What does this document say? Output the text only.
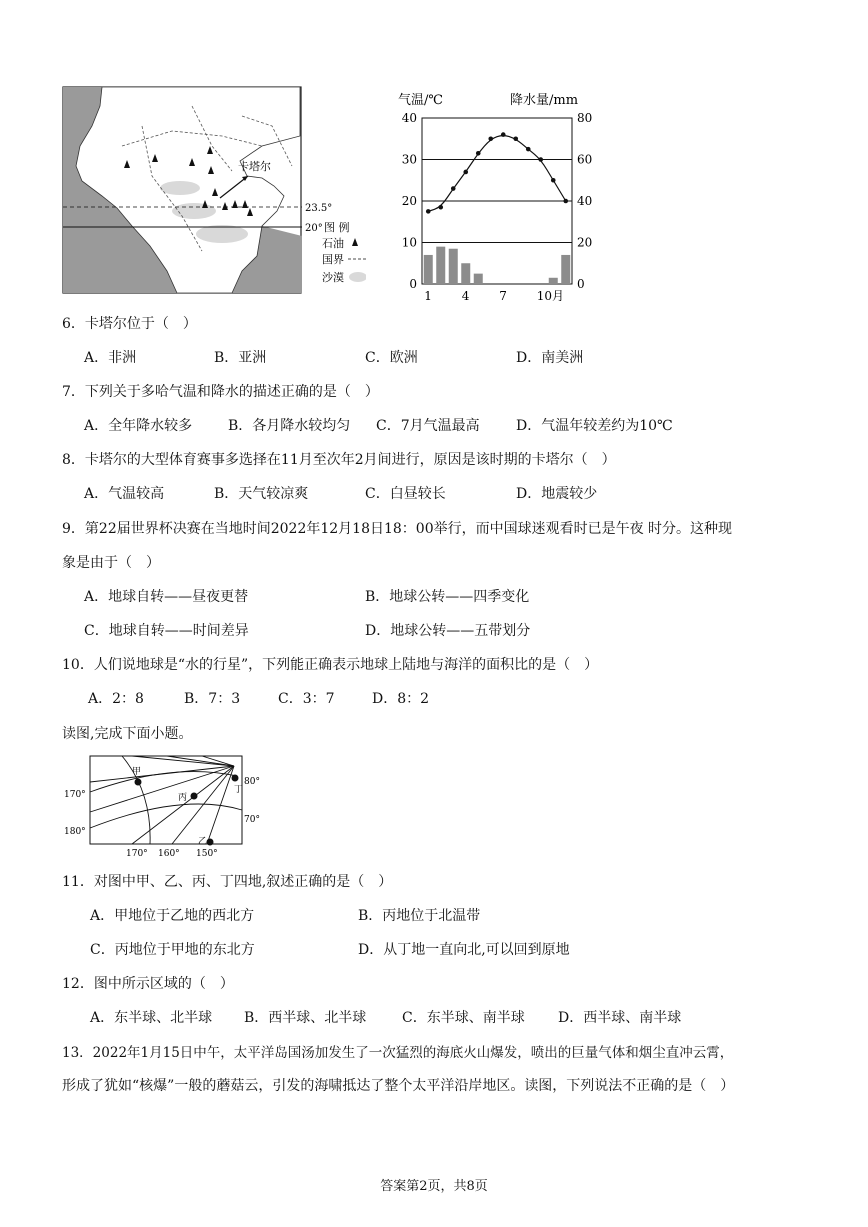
卡塔尔
23.5°
20° 图 例
石油
国界
沙漠
气温/℃	降水量/mm
40
30
20
10
0
80
60
40
20
0
1 4 7 10月
6．卡塔尔位于（　）
A．非洲	B．亚洲	C．欧洲	D．南美洲
7．下列关于多哈气温和降水的描述正确的是（　）
A．全年降水较多	B．各月降水较均匀 C．7月气温最高	D．气温年较差约为10℃
8．卡塔尔的大型体育赛事多选择在11月至次年2月间进行，原因是该时期的卡塔尔（　）
A．气温较高	B．天气较凉爽	C．白昼较长	D．地震较少
9．第22届世界杯决赛在当地时间2022年12月18日18：00举行，而中国球迷观看时已是午夜 时分。这种现
象是由于（　）
A．地球自转——昼夜更替	B．地球公转——四季变化
C．地球自转——时间差异	D．地球公转——五带划分
10．人们说地球是“水的行星”，下列能正确表示地球上陆地与海洋的面积比的是（　）
A．2：8	B．7：3	C．3：7	D．8：2
读图,完成下面小题。
甲
丙
乙
丁
170°
180°
80°
70°
170° 160° 150°
11．对图中甲、乙、丙、丁四地,叙述正确的是（　）
A．甲地位于乙地的西北方	B．丙地位于北温带
C．丙地位于甲地的东北方	D．从丁地一直向北,可以回到原地
12．图中所示区域的（　）
A．东半球、北半球 B．西半球、北半球	C．东半球、南半球 D．西半球、南半球
13．2022年1月15日中午，太平洋岛国汤加发生了一次猛烈的海底火山爆发，喷出的巨量气体和烟尘直冲云霄，
形成了犹如“核爆”一般的蘑菇云，引发的海啸抵达了整个太平洋沿岸地区。读图，下列说法不正确的是（　）
答案第2页，共8页
